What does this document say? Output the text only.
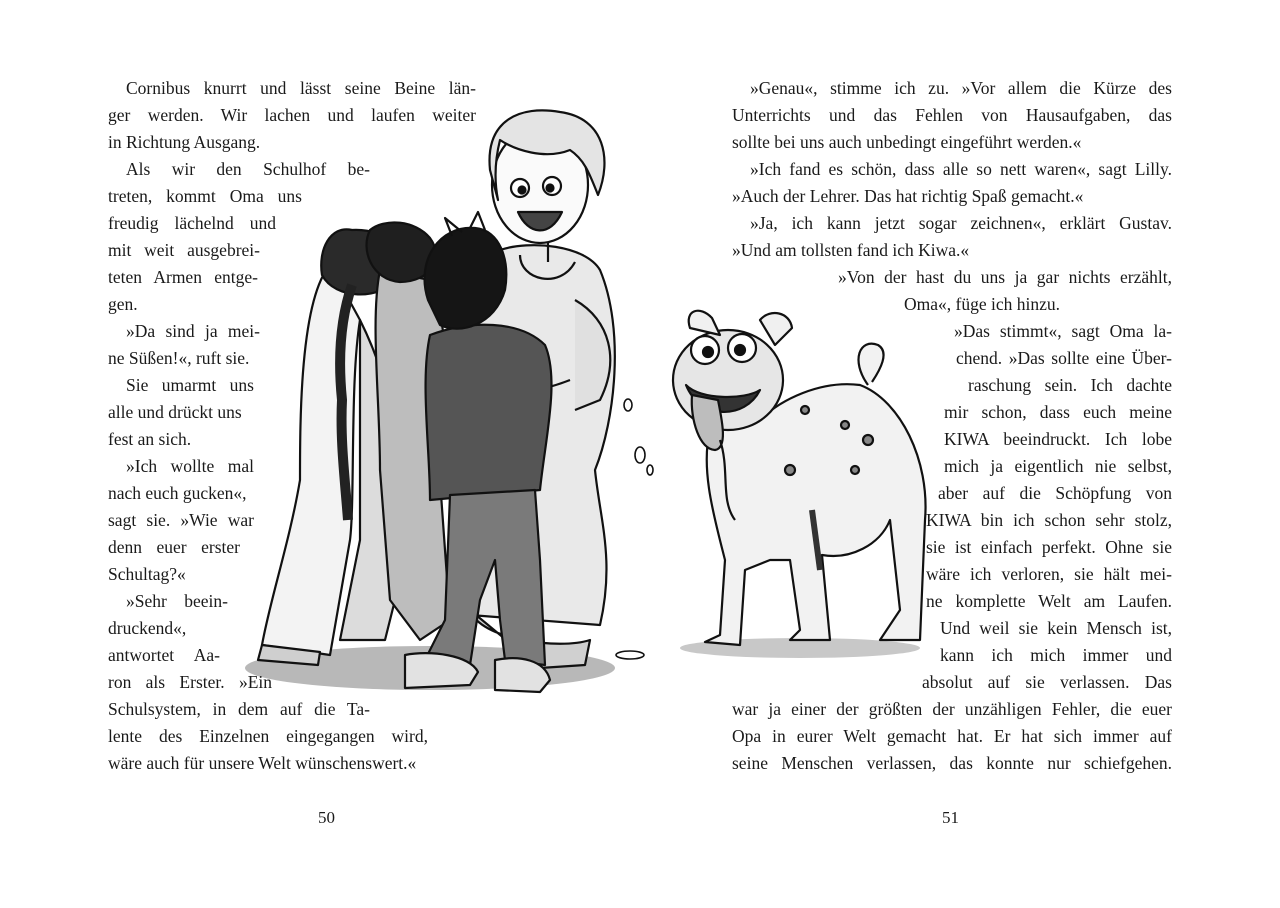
Cornibus knurrt und lässt seine Beine län-
ger werden. Wir lachen und laufen weiter
in Richtung Ausgang.
Als wir den Schulhof be-
treten, kommt Oma uns
freudig lächelnd und
mit weit ausgebrei-
teten Armen entge-
gen.
»Da sind ja mei-
ne Süßen!«, ruft sie.
Sie umarmt uns
alle und drückt uns
fest an sich.
»Ich wollte mal
nach euch gucken«,
sagt sie. »Wie war
denn euer erster
Schultag?«
»Sehr beein-
druckend«,
antwortet Aa-
ron als Erster. »Ein
Schulsystem, in dem auf die Ta-
lente des Einzelnen eingegangen wird,
wäre auch für unsere Welt wünschenswert.«
»Genau«, stimme ich zu. »Vor allem die Kürze des
Unterrichts und das Fehlen von Hausaufgaben, das
sollte bei uns auch unbedingt eingeführt werden.«
»Ich fand es schön, dass alle so nett waren«, sagt Lilly.
»Auch der Lehrer. Das hat richtig Spaß gemacht.«
»Ja, ich kann jetzt sogar zeichnen«, erklärt Gustav.
»Und am tollsten fand ich Kiwa.«
»Von der hast du uns ja gar nichts erzählt,
Oma«, füge ich hinzu.
»Das stimmt«, sagt Oma la-
chend. »Das sollte eine Über-
raschung sein. Ich dachte
mir schon, dass euch meine
KIWA beeindruckt. Ich lobe
mich ja eigentlich nie selbst,
aber auf die Schöpfung von
KIWA bin ich schon sehr stolz,
sie ist einfach perfekt. Ohne sie
wäre ich verloren, sie hält mei-
ne komplette Welt am Laufen.
Und weil sie kein Mensch ist,
kann ich mich immer und
absolut auf sie verlassen. Das
war ja einer der größten der unzähligen Fehler, die euer
Opa in eurer Welt gemacht hat. Er hat sich immer auf
seine Menschen verlassen, das konnte nur schiefgehen.
50	51
